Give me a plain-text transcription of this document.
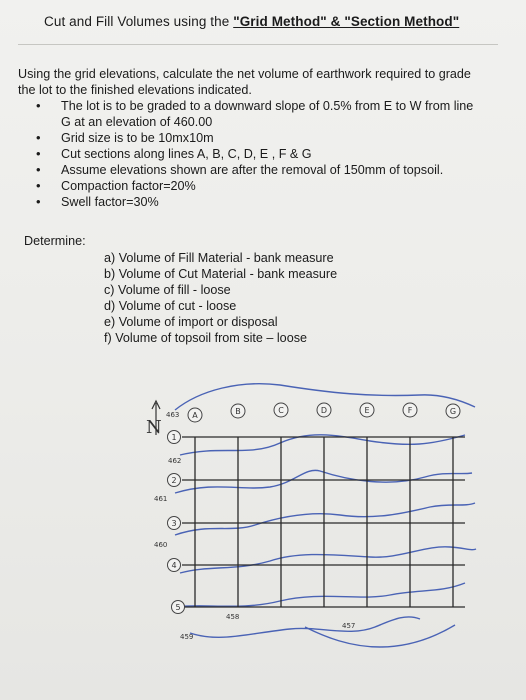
Cut and Fill Volumes using the "Grid Method" & "Section Method"
Using the grid elevations, calculate the net volume of earthwork required to grade the lot to the finished elevations indicated.
• The lot is to be graded to a downward slope of 0.5% from E to W from line G at an elevation of 460.00
• Grid size is to be 10mx10m
• Cut sections along lines A, B, C, D, E , F & G
• Assume elevations shown are after the removal of 150mm of topsoil.
• Compaction factor=20%
• Swell factor=30%
Determine:
a) Volume of Fill Material - bank measure
b) Volume of Cut Material - bank measure
c) Volume of fill - loose
d) Volume of cut - loose
e) Volume of import or disposal
f) Volume of topsoil from site – loose
N
A	B	C	D	E	F	G
1
2
3
4
5
463
462
461
460
458
459
457
